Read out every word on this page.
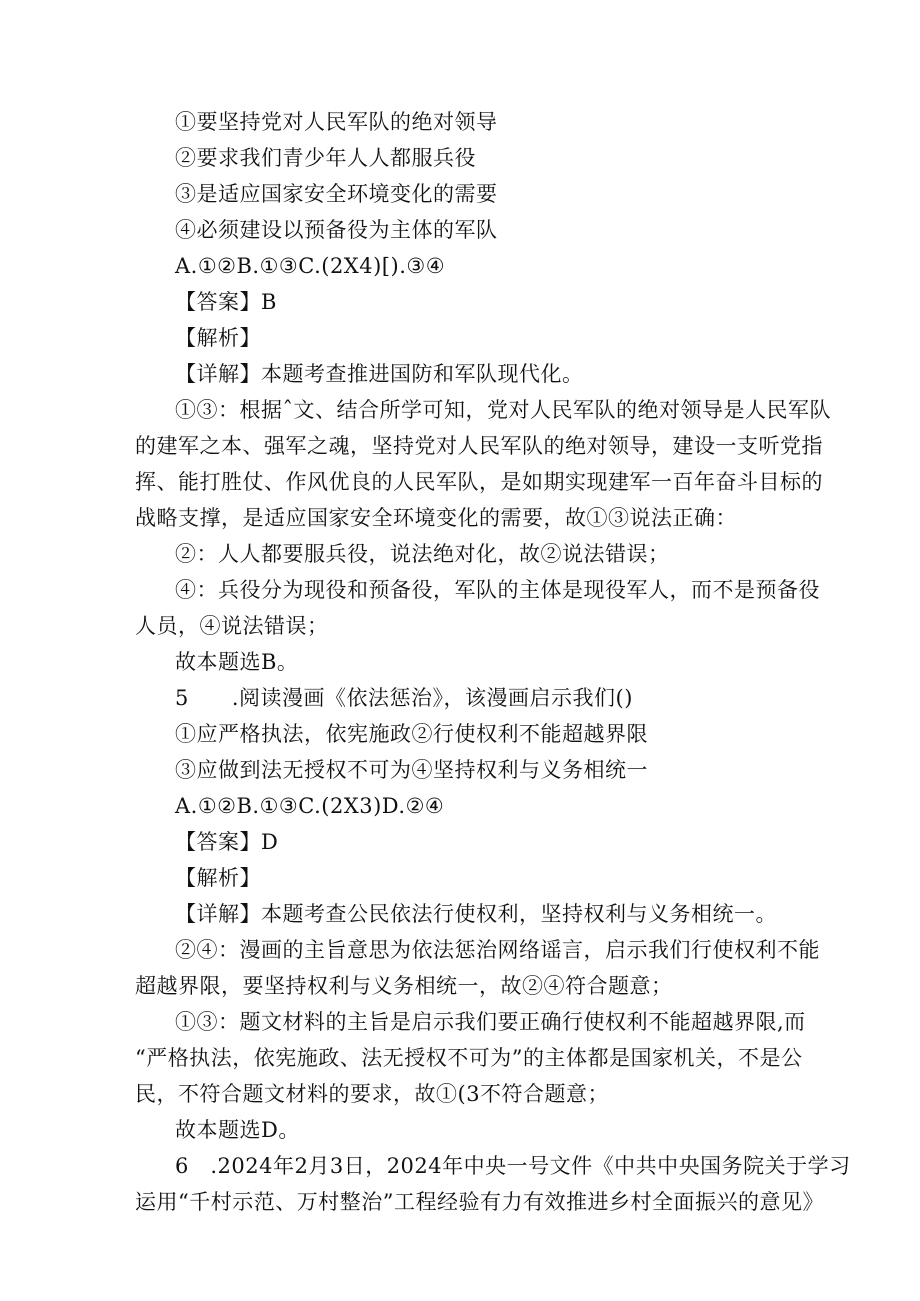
①要坚持党对人民军队的绝对领导
②要求我们青少年人人都服兵役
③是适应国家安全环境变化的需要
④必须建设以预备役为主体的军队
A.①②B.①③C.(2X4)[).③④
【答案】B
【解析】
【详解】本题考查推进国防和军队现代化。
①③：根据ˆ文、结合所学可知，党对人民军队的绝对领导是人民军队
的建军之本、强军之魂，坚持党对人民军队的绝对领导，建设一支听党指
挥、能打胜仗、作风优良的人民军队，是如期实现建军一百年奋斗目标的
战略支撑，是适应国家安全环境变化的需要，故①③说法正确：
②：人人都要服兵役，说法绝对化，故②说法错误；
④：兵役分为现役和预备役，军队的主体是现役军人，而不是预备役
人员，④说法错误；
故本题选B。
5　　.阅读漫画《依法惩治》，该漫画启示我们()
①应严格执法，依宪施政②行使权利不能超越界限
③应做到法无授权不可为④坚持权利与义务相统一
A.①②B.①③C.(2X3)D.②④
【答案】D
【解析】
【详解】本题考查公民依法行使权利，坚持权利与义务相统一。
②④：漫画的主旨意思为依法惩治网络谣言，启示我们行使权利不能
超越界限，要坚持权利与义务相统一，故②④符合题意；
①③：题文材料的主旨是启示我们要正确行使权利不能超越界限,而
“严格执法，依宪施政、法无授权不可为”的主体都是国家机关，不是公
民，不符合题文材料的要求，故①(3不符合题意；
故本题选D。
6　.2024年2月3日，2024年中央一号文件《中共中央国务院关于学习
运用“千村示范、万村整治”工程经验有力有效推进乡村全面振兴的意见》
